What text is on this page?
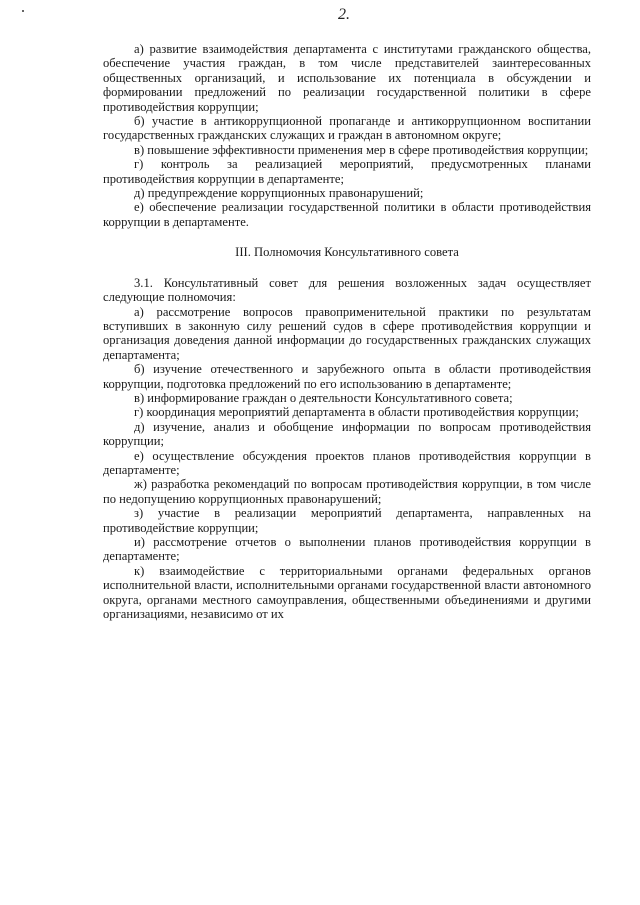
2.

а) развитие взаимодействия департамента с институтами гражданского общества, обеспечение участия граждан, в том числе представителей заинтересованных общественных организаций, и использование их потенциала в обсуждении и формировании предложений по реализации государственной политики в сфере противодействия коррупции;

б) участие в антикоррупционной пропаганде и антикоррупционном воспитании государственных гражданских служащих и граждан в автономном округе;

в) повышение эффективности применения мер в сфере противодействия коррупции;

г) контроль за реализацией мероприятий, предусмотренных планами противодействия коррупции в департаменте;

д) предупреждение коррупционных правонарушений;

е) обеспечение реализации государственной политики в области противодействия коррупции в департаменте.

III. Полномочия Консультативного совета

3.1. Консультативный совет для решения возложенных задач осуществляет следующие полномочия:

а) рассмотрение вопросов правоприменительной практики по результатам вступивших в законную силу решений судов в сфере противодействия коррупции и организация доведения данной информации до государственных гражданских служащих департамента;

б) изучение отечественного и зарубежного опыта в области противодействия коррупции, подготовка предложений по его использованию в департаменте;

в) информирование граждан о деятельности Консультативного совета;

г) координация мероприятий департамента в области противодействия коррупции;

д) изучение, анализ и обобщение информации по вопросам противодействия коррупции;

е) осуществление обсуждения проектов планов противодействия коррупции в департаменте;

ж) разработка рекомендаций по вопросам противодействия коррупции, в том числе по недопущению коррупционных правонарушений;

з) участие в реализации мероприятий департамента, направленных на противодействие коррупции;

и) рассмотрение отчетов о выполнении планов противодействия коррупции в департаменте;

к) взаимодействие с территориальными органами федеральных органов исполнительной власти, исполнительными органами государственной власти автономного округа, органами местного самоуправления, общественными объединениями и другими организациями, независимо от их
